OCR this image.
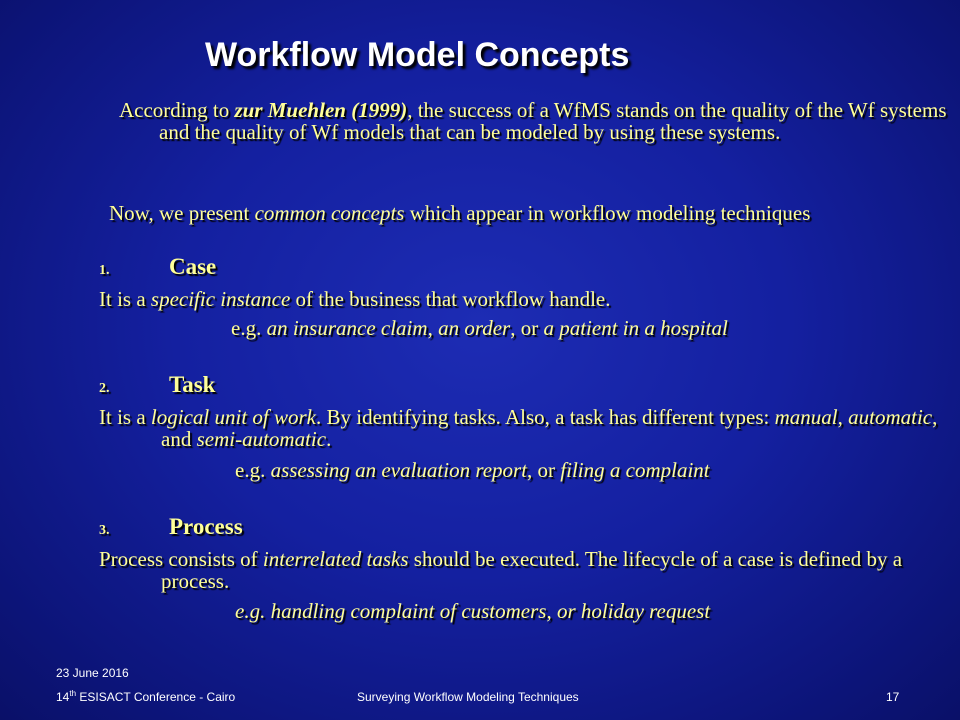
Workflow Model Concepts

According to zur Muehlen (1999), the success of a WfMS stands on the quality of the Wf systems and the quality of Wf models that can be modeled by using these systems.

Now, we present common concepts which appear in workflow modeling techniques

1.	Case

It is a specific instance of the business that workflow handle.

e.g. an insurance claim, an order, or a patient in a hospital

2.	Task

It is a logical unit of work. By identifying tasks. Also, a task has different types: manual, automatic, and semi-automatic.

e.g. assessing an evaluation report, or filing a complaint

3.	Process

Process consists of interrelated tasks should be executed. The lifecycle of a case is defined by a process.

e.g. handling complaint of customers, or holiday request

23 June 2016
14th ESISACT Conference - Cairo	Surveying Workflow Modeling Techniques	17
